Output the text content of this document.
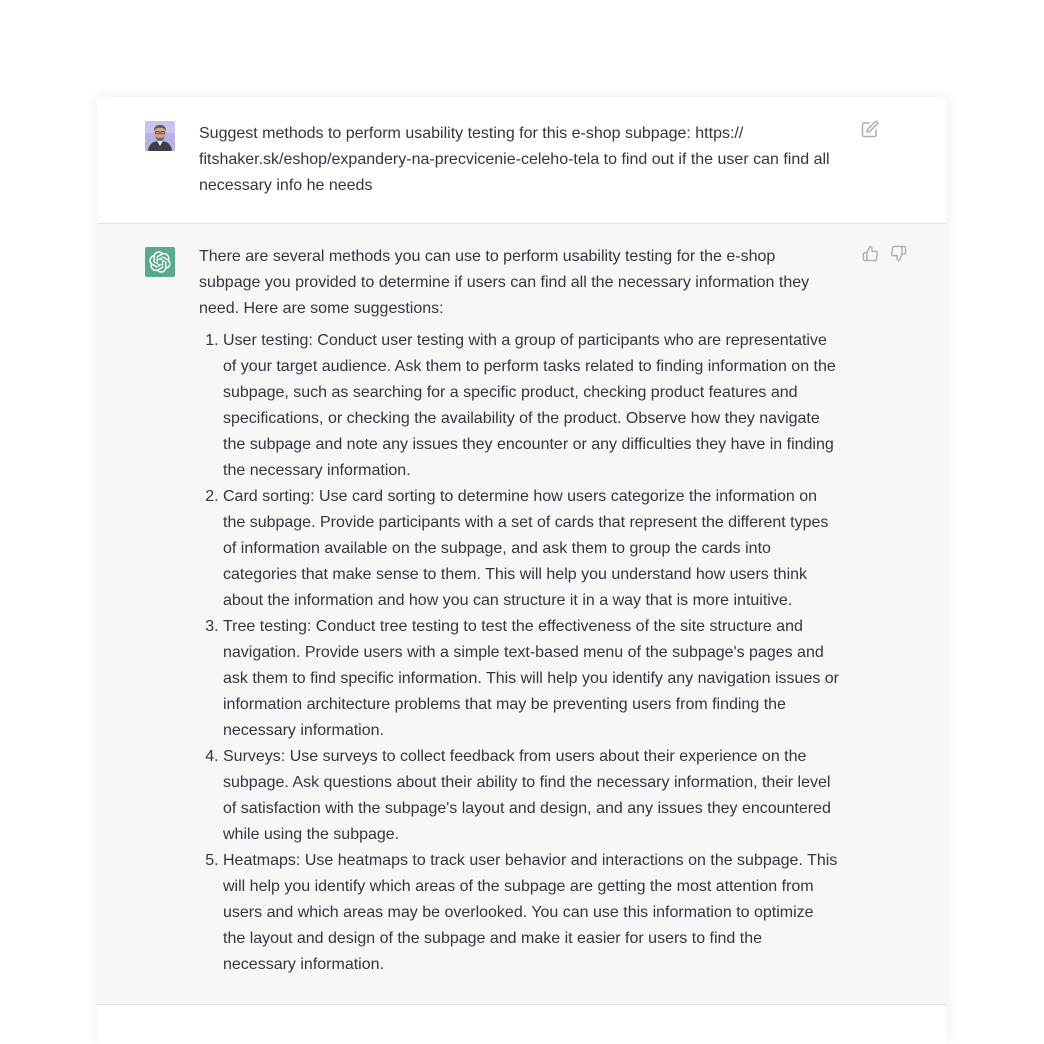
Suggest methods to perform usability testing for this e-shop subpage: https:// fitshaker.sk/eshop/expandery-na-precvicenie-celeho-tela to find out if the user can find all necessary info he needs

There are several methods you can use to perform usability testing for the e-shop subpage you provided to determine if users can find all the necessary information they need. Here are some suggestions:

1. User testing: Conduct user testing with a group of participants who are representative of your target audience. Ask them to perform tasks related to finding information on the subpage, such as searching for a specific product, checking product features and specifications, or checking the availability of the product. Observe how they navigate the subpage and note any issues they encounter or any difficulties they have in finding the necessary information.
2. Card sorting: Use card sorting to determine how users categorize the information on the subpage. Provide participants with a set of cards that represent the different types of information available on the subpage, and ask them to group the cards into categories that make sense to them. This will help you understand how users think about the information and how you can structure it in a way that is more intuitive.
3. Tree testing: Conduct tree testing to test the effectiveness of the site structure and navigation. Provide users with a simple text-based menu of the subpage's pages and ask them to find specific information. This will help you identify any navigation issues or information architecture problems that may be preventing users from finding the necessary information.
4. Surveys: Use surveys to collect feedback from users about their experience on the subpage. Ask questions about their ability to find the necessary information, their level of satisfaction with the subpage's layout and design, and any issues they encountered while using the subpage.
5. Heatmaps: Use heatmaps to track user behavior and interactions on the subpage. This will help you identify which areas of the subpage are getting the most attention from users and which areas may be overlooked. You can use this information to optimize the layout and design of the subpage and make it easier for users to find the necessary information.
